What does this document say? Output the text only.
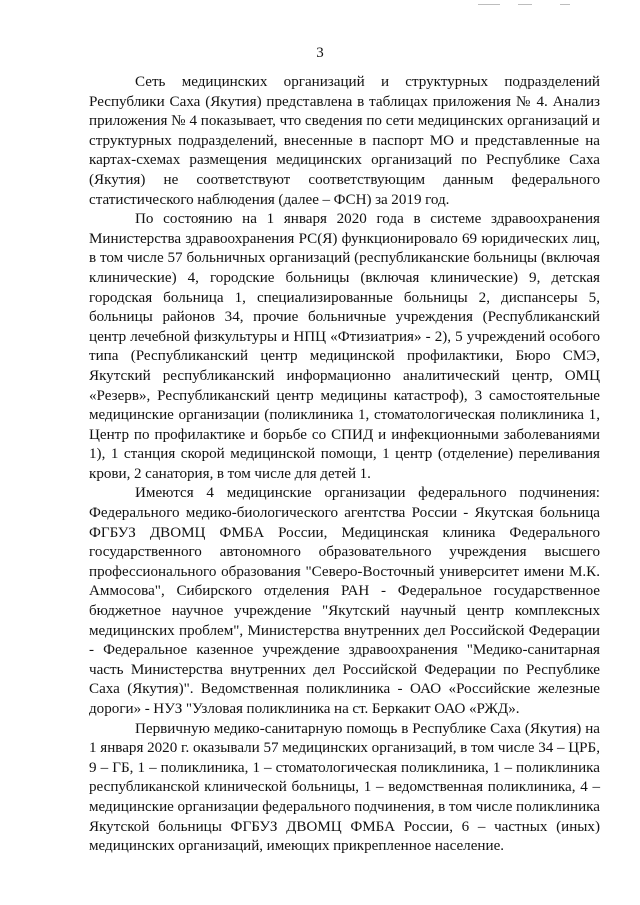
3

Сеть медицинских организаций и структурных подразделений Республики Саха (Якутия) представлена в таблицах приложения № 4. Анализ приложения № 4 показывает, что сведения по сети медицинских организаций и структурных подразделений, внесенные в паспорт МО и представленные на картах-схемах размещения медицинских организаций по Республике Саха (Якутия) не соответствуют соответствующим данным федерального статистического наблюдения (далее – ФСН) за 2019 год.

По состоянию на 1 января 2020 года в системе здравоохранения Министерства здравоохранения РС(Я) функционировало 69 юридических лиц, в том числе 57 больничных организаций (республиканские больницы (включая клинические) 4, городские больницы (включая клинические) 9, детская городская больница 1, специализированные больницы 2, диспансеры 5, больницы районов 34, прочие больничные учреждения (Республиканский центр лечебной физкультуры и НПЦ «Фтизиатрия» - 2), 5 учреждений особого типа (Республиканский центр медицинской профилактики, Бюро СМЭ, Якутский республиканский информационно аналитический центр, ОМЦ «Резерв», Республиканский центр медицины катастроф), 3 самостоятельные медицинские организации (поликлиника 1, стоматологическая поликлиника 1, Центр по профилактике и борьбе со СПИД и инфекционными заболеваниями 1), 1 станция скорой медицинской помощи, 1 центр (отделение) переливания крови, 2 санатория, в том числе для детей 1.

Имеются 4 медицинские организации федерального подчинения: Федерального медико-биологического агентства России - Якутская больница ФГБУЗ ДВОМЦ ФМБА России, Медицинская клиника Федерального государственного автономного образовательного учреждения высшего профессионального образования "Северо-Восточный университет имени М.К. Аммосова", Сибирского отделения РАН - Федеральное государственное бюджетное научное учреждение "Якутский научный центр комплексных медицинских проблем", Министерства внутренних дел Российской Федерации - Федеральное казенное учреждение здравоохранения "Медико-санитарная часть Министерства внутренних дел Российской Федерации по Республике Саха (Якутия)". Ведомственная поликлиника - ОАО «Российские железные дороги» - НУЗ "Узловая поликлиника на ст. Беркакит ОАО «РЖД».

Первичную медико-санитарную помощь в Республике Саха (Якутия) на 1 января 2020 г. оказывали 57 медицинских организаций, в том числе 34 – ЦРБ, 9 – ГБ, 1 – поликлиника, 1 – стоматологическая поликлиника, 1 – поликлиника республиканской клинической больницы, 1 – ведомственная поликлиника, 4 – медицинские организации федерального подчинения, в том числе поликлиника Якутской больницы ФГБУЗ ДВОМЦ ФМБА России, 6 – частных (иных) медицинских организаций, имеющих прикрепленное население.
